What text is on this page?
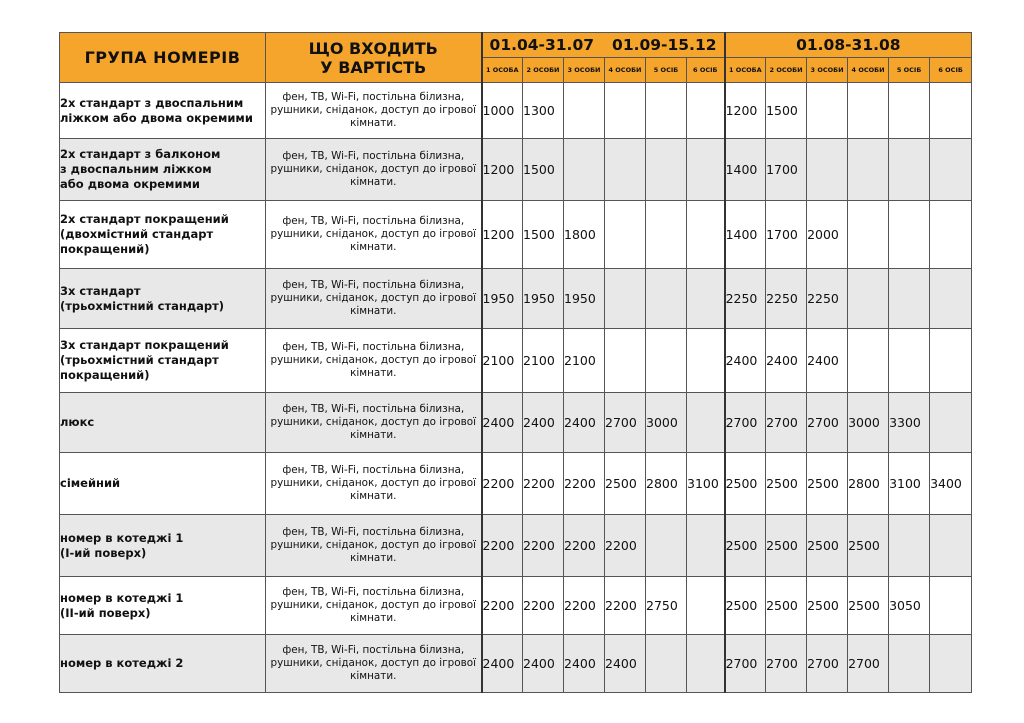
ГРУПА НОМЕРІВ	ЩО ВХОДИТЬ
У ВАРТІСТЬ	01.04-31.07 01.09-15.12						01.08-31.08					
		1 ОСОБА	2 ОСОБИ	3 ОСОБИ	4 ОСОБИ	5 ОСІБ	6 ОСІБ	1 ОСОБА	2 ОСОБИ	3 ОСОБИ	4 ОСОБИ	5 ОСІБ	6 ОСІБ
2х стандарт з двоспальним
ліжком або двома окремими	фен, ТВ, Wi-Fi, постільна білизна, рушники, сніданок, доступ до ігрової кімнати.	1000	1300					1200	1500				
2х стандарт з балконом
з двоспальним ліжком
або двома окремими	фен, ТВ, Wi-Fi, постільна білизна, рушники, сніданок, доступ до ігрової кімнати.	1200	1500					1400	1700				
2х стандарт покращений
(двохмістний стандарт
покращений)	фен, ТВ, Wi-Fi, постільна білизна, рушники, сніданок, доступ до ігрової кімнати.	1200	1500	1800				1400	1700	2000			
3х стандарт
(трьохмістний стандарт)	фен, ТВ, Wi-Fi, постільна білизна, рушники, сніданок, доступ до ігрової кімнати.	1950	1950	1950				2250	2250	2250			
3х стандарт покращений
(трьохмістний стандарт
покращений)	фен, ТВ, Wi-Fi, постільна білизна, рушники, сніданок, доступ до ігрової кімнати.	2100	2100	2100				2400	2400	2400			
люкс	фен, ТВ, Wi-Fi, постільна білизна, рушники, сніданок, доступ до ігрової кімнати.	2400	2400	2400	2700	3000		2700	2700	2700	3000	3300	
сімейний	фен, ТВ, Wi-Fi, постільна білизна, рушники, сніданок, доступ до ігрової кімнати.	2200	2200	2200	2500	2800	3100	2500	2500	2500	2800	3100	3400
номер в котеджі 1
(І-ий поверх)	фен, ТВ, Wi-Fi, постільна білизна, рушники, сніданок, доступ до ігрової кімнати.	2200	2200	2200	2200			2500	2500	2500	2500		
номер в котеджі 1
(ІІ-ий поверх)	фен, ТВ, Wi-Fi, постільна білизна, рушники, сніданок, доступ до ігрової кімнати.	2200	2200	2200	2200	2750		2500	2500	2500	2500	3050	
номер в котеджі 2	фен, ТВ, Wi-Fi, постільна білизна, рушники, сніданок, доступ до ігрової кімнати.	2400	2400	2400	2400			2700	2700	2700	2700		
